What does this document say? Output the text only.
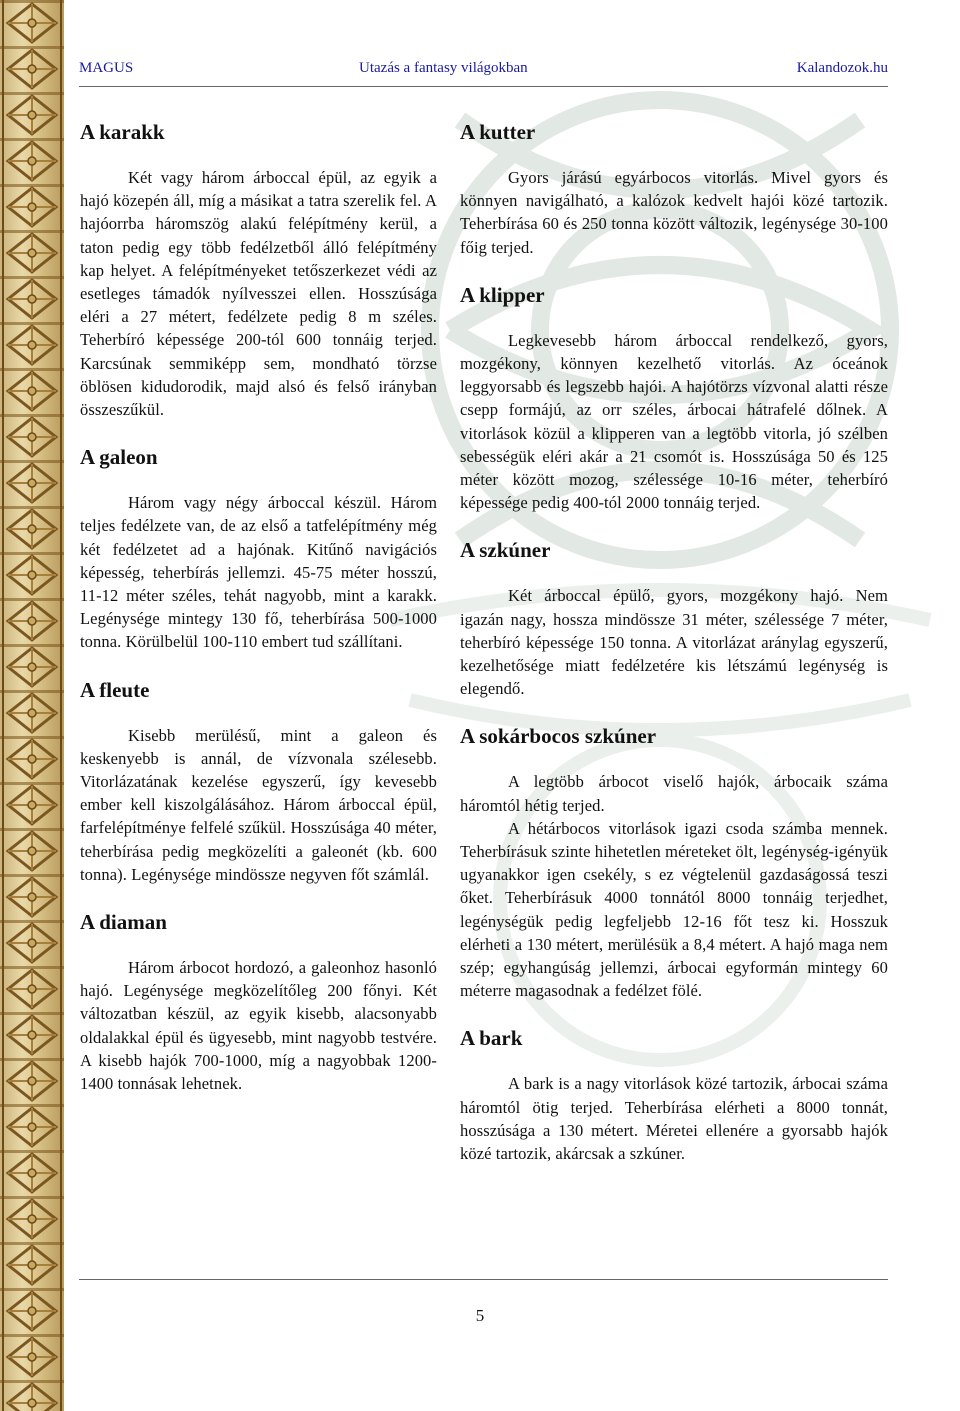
MAGUS	Utazás a fantasy világokban	Kalandozok.hu
A karakk

Két vagy három árboccal épül, az egyik a hajó közepén áll, míg a másikat a tatra szerelik fel. A hajóorrba háromszög alakú felépítmény kerül, a taton pedig egy több fedélzetből álló felépítmény kap helyet. A felépítményeket tetőszerkezet védi az esetleges támadók nyílvesszei ellen. Hosszúsága eléri a 27 métert, fedélzete pedig 8 m széles. Teherbíró képessége 200-tól 600 tonnáig terjed. Karcsúnak semmiképp sem, mondható törzse öblösen kidudorodik, majd alsó és felső irányban összeszűkül.

A galeon

Három vagy négy árboccal készül. Három teljes fedélzete van, de az első a tatfelépítmény még két fedélzetet ad a hajónak. Kitűnő navigációs képesség, teherbírás jellemzi. 45-75 méter hosszú, 11-12 méter széles, tehát nagyobb, mint a karakk. Legénysége mintegy 130 fő, teherbírása 500-1000 tonna. Körülbelül 100-110 embert tud szállítani.

A fleute

Kisebb merülésű, mint a galeon és keskenyebb is annál, de vízvonala szélesebb. Vitorlázatának kezelése egyszerű, így kevesebb ember kell kiszolgálásához. Három árboccal épül, farfelépítménye felfelé szűkül. Hosszúsága 40 méter, teherbírása pedig megközelíti a galeonét (kb. 600 tonna). Legénysége mindössze negyven főt számlál.

A diaman

Három árbocot hordozó, a galeonhoz hasonló hajó. Legénysége megközelítőleg 200 főnyi. Két változatban készül, az egyik kisebb, alacsonyabb oldalakkal épül és ügyesebb, mint nagyobb testvére. A kisebb hajók 700-1000, míg a nagyobbak 1200-1400 tonnásak lehetnek.

A kutter

Gyors járású egyárbocos vitorlás. Mivel gyors és könnyen navigálható, a kalózok kedvelt hajói közé tartozik. Teherbírása 60 és 250 tonna között változik, legénysége 30-100 főig terjed.

A klipper

Legkevesebb három árboccal rendelkező, gyors, mozgékony, könnyen kezelhető vitorlás. Az óceánok leggyorsabb és legszebb hajói. A hajótörzs vízvonal alatti része csepp formájú, az orr széles, árbocai hátrafelé dőlnek. A vitorlások közül a klipperen van a legtöbb vitorla, jó szélben sebességük eléri akár a 21 csomót is. Hosszúsága 50 és 125 méter között mozog, szélessége 10-16 méter, teherbíró képessége pedig 400-tól 2000 tonnáig terjed.

A szkúner

Két árboccal épülő, gyors, mozgékony hajó. Nem igazán nagy, hossza mindössze 31 méter, szélessége 7 méter, teherbíró képessége 150 tonna. A vitorlázat aránylag egyszerű, kezelhetősége miatt fedélzetére kis létszámú legénység is elegendő.

A sokárbocos szkúner

A legtöbb árbocot viselő hajók, árbocaik száma háromtól hétig terjed.

A hétárbocos vitorlások igazi csoda számba mennek. Teherbírásuk szinte hihetetlen méreteket ölt, legénység-igényük ugyanakkor igen csekély, s ez végtelenül gazdaságossá teszi őket. Teherbírásuk 4000 tonnától 8000 tonnáig terjedhet, legénységük pedig legfeljebb 12-16 főt tesz ki. Hosszuk elérheti a 130 métert, merülésük a 8,4 métert. A hajó maga nem szép; egyhangúság jellemzi, árbocai egyformán mintegy 60 méterre magasodnak a fedélzet fölé.

A bark

A bark is a nagy vitorlások közé tartozik, árbocai száma háromtól ötig terjed. Teherbírása elérheti a 8000 tonnát, hosszúsága a 130 métert. Méretei ellenére a gyorsabb hajók közé tartozik, akárcsak a szkúner.

5
